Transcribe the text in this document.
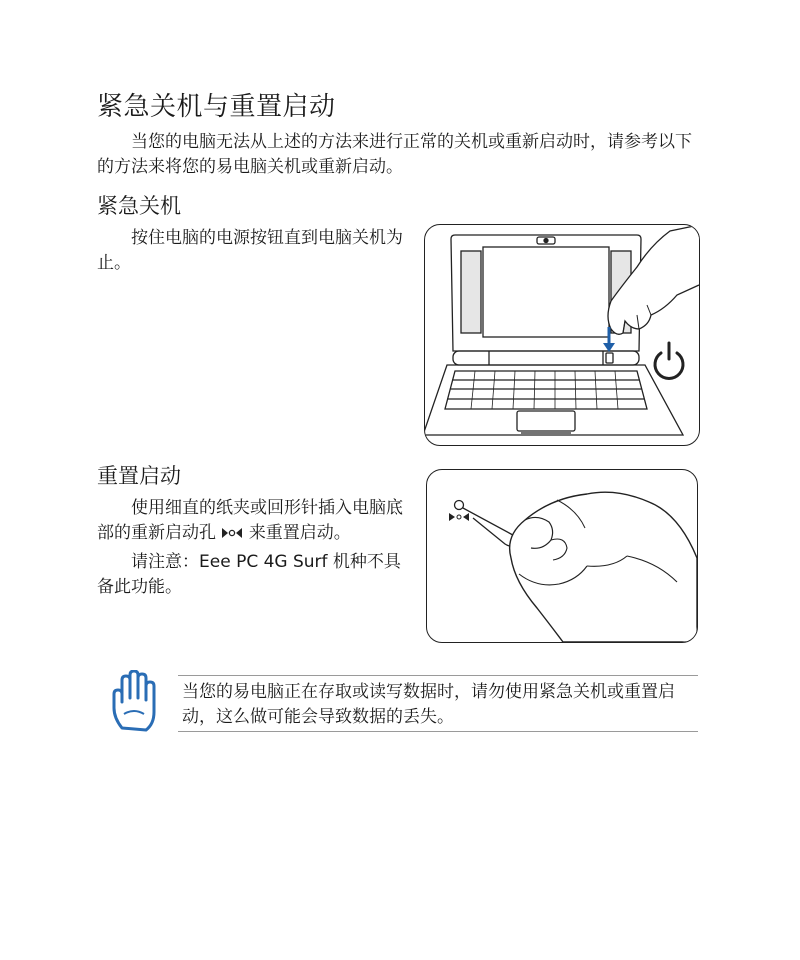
紧急关机与重置启动

当您的电脑无法从上述的方法来进行正常的关机或重新启动时，请参考以下的方法来将您的易电脑关机或重新启动。

紧急关机

按住电脑的电源按钮直到电脑关机为止。

重置启动

使用细直的纸夹或回形针插入电脑底部的重新启动孔 来重置启动。

请注意：Eee PC 4G Surf 机种不具备此功能。

当您的易电脑正在存取或读写数据时，请勿使用紧急关机或重置启动，这么做可能会导致数据的丢失。
